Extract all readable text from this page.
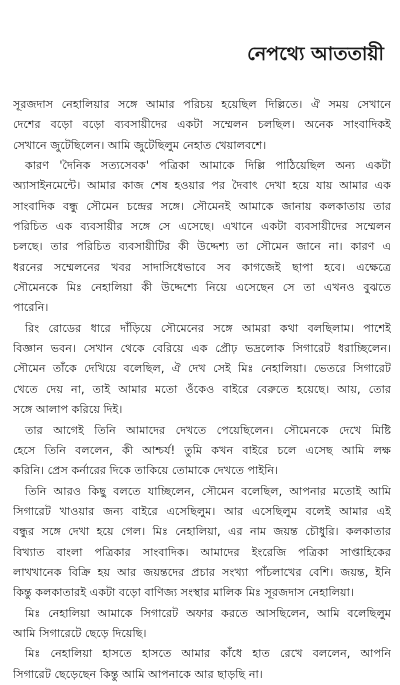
নেপথ্যে আততায়ী
সূরজদাস নেহালিয়ার সঙ্গে আমার পরিচয় হয়েছিল দিল্লিতে। ঐ সময় সেখানে
দেশের বড়ো বড়ো ব্যবসায়ীদের একটা সম্মেলন চলছিল। অনেক সাংবাদিকই
সেখানে জুটেছিলেন। আমি জুটেছিলুম নেহাত খেয়ালবশে।
কারণ 'দৈনিক সত্যসেবক' পত্রিকা আমাকে দিল্লি পাঠিয়েছিল অন্য একটা
অ্যাসাইনমেন্টে। আমার কাজ শেষ হওয়ার পর দৈবাৎ দেখা হয়ে যায় আমার এক
সাংবাদিক বন্ধু সৌমেন চন্দ্রের সঙ্গে। সৌমেনই আমাকে জানায় কলকাতায় তার
পরিচিত এক ব্যবসায়ীর সঙ্গে সে এসেছে। এখানে একটা ব্যবসায়ীদের সম্মেলন
চলছে। তার পরিচিত ব্যবসায়ীটির কী উদ্দেশ্য তা সৌমেন জানে না। কারণ এ
ধরনের সম্মেলনের খবর সাদাসিধেভাবে সব কাগজেই ছাপা হবে। এক্ষেত্রে
সৌমেনকে মিঃ নেহালিয়া কী উদ্দেশ্যে নিয়ে এসেছেন সে তা এখনও বুঝতে
পারেনি।
রিং রোডের ধারে দাঁড়িয়ে সৌমেনের সঙ্গে আমরা কথা বলছিলাম। পাশেই
বিজ্ঞান ভবন। সেখান থেকে বেরিয়ে এক প্রৌঢ় ভদ্রলোক সিগারেট ধরাচ্ছিলেন।
সৌমেন তাঁকে দেখিয়ে বলেছিল, ঐ দেখ সেই মিঃ নেহালিয়া। ভেতরে সিগারেট
খেতে দেয় না, তাই আমার মতো ওঁকেও বাইরে বেরুতে হয়েছে। আয়, তোর
সঙ্গে আলাপ করিয়ে দিই।
তার আগেই তিনি আমাদের দেখতে পেয়েছিলেন। সৌমেনকে দেখে মিষ্টি
হেসে তিনি বললেন, কী আশ্চর্য! তুমি কখন বাইরে চলে এসেছ আমি লক্ষ
করিনি। প্রেস কর্নারের দিকে তাকিয়ে তোমাকে দেখতে পাইনি।
তিনি আরও কিছু বলতে যাচ্ছিলেন, সৌমেন বলেছিল, আপনার মতোই আমি
সিগারেট খাওয়ার জন্য বাইরে এসেছিলুম। আর এসেছিলুম বলেই আমার এই
বন্ধুর সঙ্গে দেখা হয়ে গেল। মিঃ নেহালিয়া, এর নাম জয়ন্ত চৌধুরি। কলকাতার
বিখ্যাত বাংলা পত্রিকার সাংবাদিক। আমাদের ইংরেজি পত্রিকা সাপ্তাহিকের
লাখখানেক বিক্রি হয় আর জয়ন্তদের প্রচার সংখ্যা পাঁচলাখের বেশি। জয়ন্ত, ইনি
কিন্তু কলকাতারই একটা বড়ো বাণিজ্য সংস্থার মালিক মিঃ সূরজদাস নেহালিয়া।
মিঃ নেহালিয়া আমাকে সিগারেট অফার করতে আসছিলেন, আমি বলেছিলুম
আমি সিগারেটে ছেড়ে দিয়েছি।
মিঃ নেহালিয়া হাসতে হাসতে আমার কাঁধে হাত রেখে বললেন, আপনি
সিগারেট ছেড়েছেন কিন্তু আমি আপনাকে আর ছাড়ছি না।
